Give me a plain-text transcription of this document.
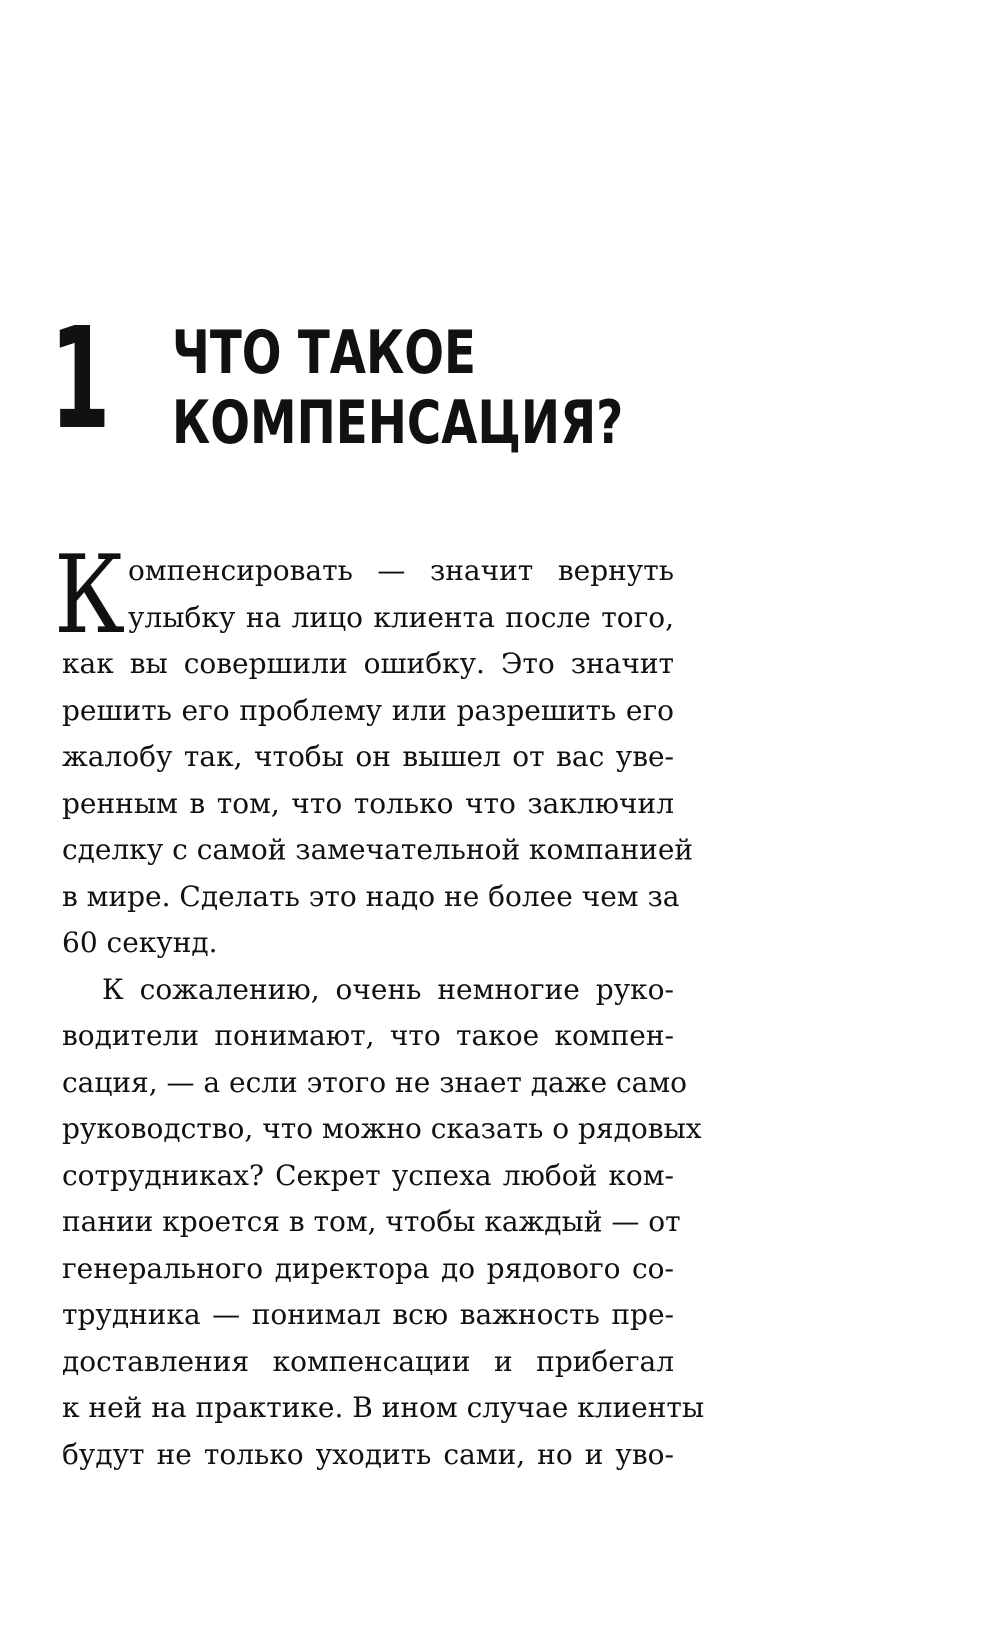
1 ЧТО ТАКОЕ
КОМПЕНСАЦИЯ?
К омпенсировать — значит вернуть
улыбку на лицо клиента после того,
как вы совершили ошибку. Это значит
решить его проблему или разрешить его
жалобу так, чтобы он вышел от вас уве-
ренным в том, что только что заключил
сделку с самой замечательной компанией
в мире. Сделать это надо не более чем за
60 секунд.
К сожалению, очень немногие руко-
водители понимают, что такое компен-
сация, — а если этого не знает даже само
руководство, что можно сказать о рядовых
сотрудниках? Секрет успеха любой ком-
пании кроется в том, чтобы каждый — от
генерального директора до рядового со-
трудника — понимал всю важность пре-
доставления компенсации и прибегал
к ней на практике. В ином случае клиенты
будут не только уходить сами, но и уво-
